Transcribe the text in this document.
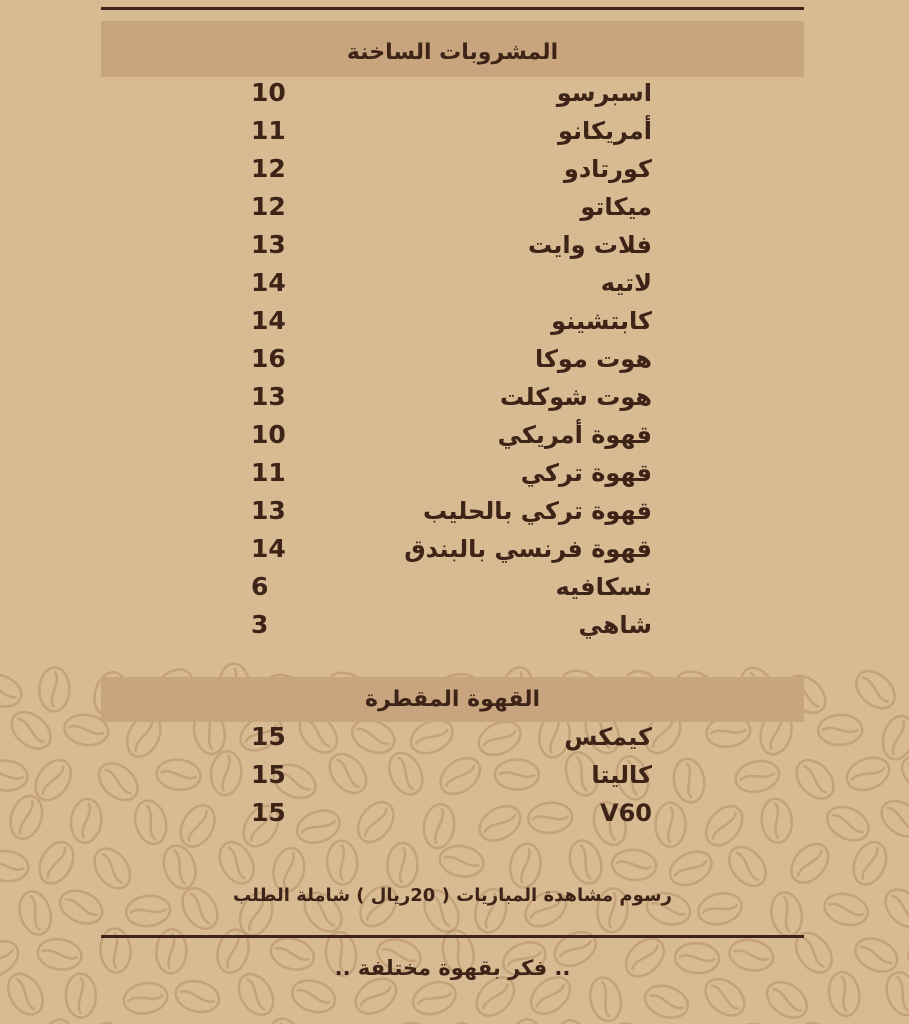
المشروبات الساخنة
اسبرسو
10
أمريكانو
11
كورتادو
12
ميكاتو
12
فلات وايت
13
لاتيه
14
كابتشينو
14
هوت موكا
16
هوت شوكلت
13
قهوة أمريكي
10
قهوة تركي
11
قهوة تركي بالحليب
13
قهوة فرنسي بالبندق
14
نسكافيه
6
شاهي
3
القهوة المقطرة
كيمكس
15
كاليتا
15
V60
15
رسوم مشاهدة المباريات ( 20ريال ) شاملة الطلب
.. فكر بقهوة مختلفة ..
